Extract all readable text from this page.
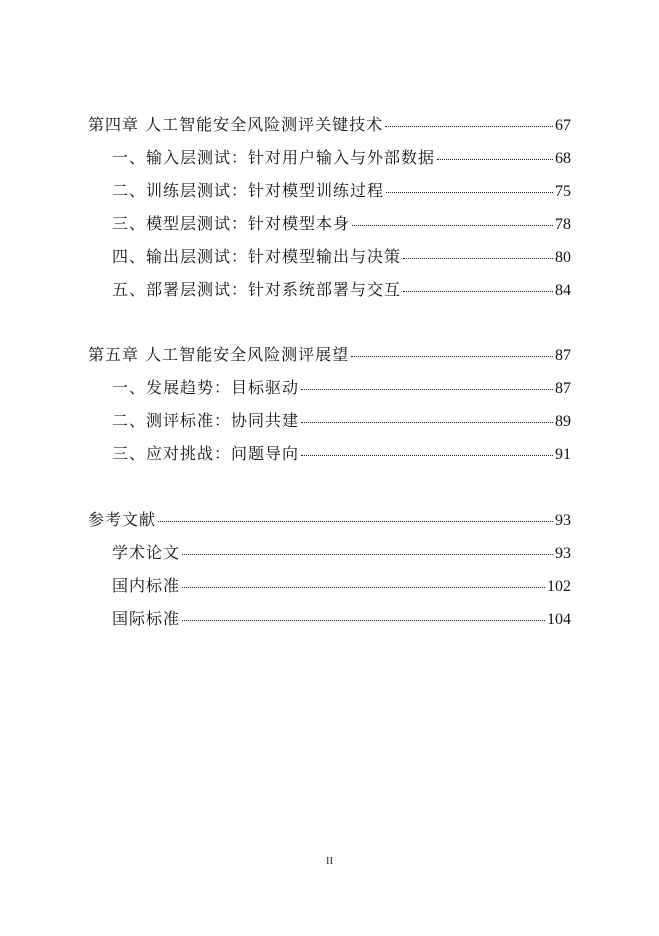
第四章 人工智能安全风险测评关键技术	67
一、输入层测试：针对用户输入与外部数据	68
二、训练层测试：针对模型训练过程	75
三、模型层测试：针对模型本身	78
四、输出层测试：针对模型输出与决策	80
五、部署层测试：针对系统部署与交互	84
第五章 人工智能安全风险测评展望	87
一、发展趋势：目标驱动	87
二、测评标准：协同共建	89
三、应对挑战：问题导向	91
参考文献	93
学术论文	93
国内标准	102
国际标准	104
II
